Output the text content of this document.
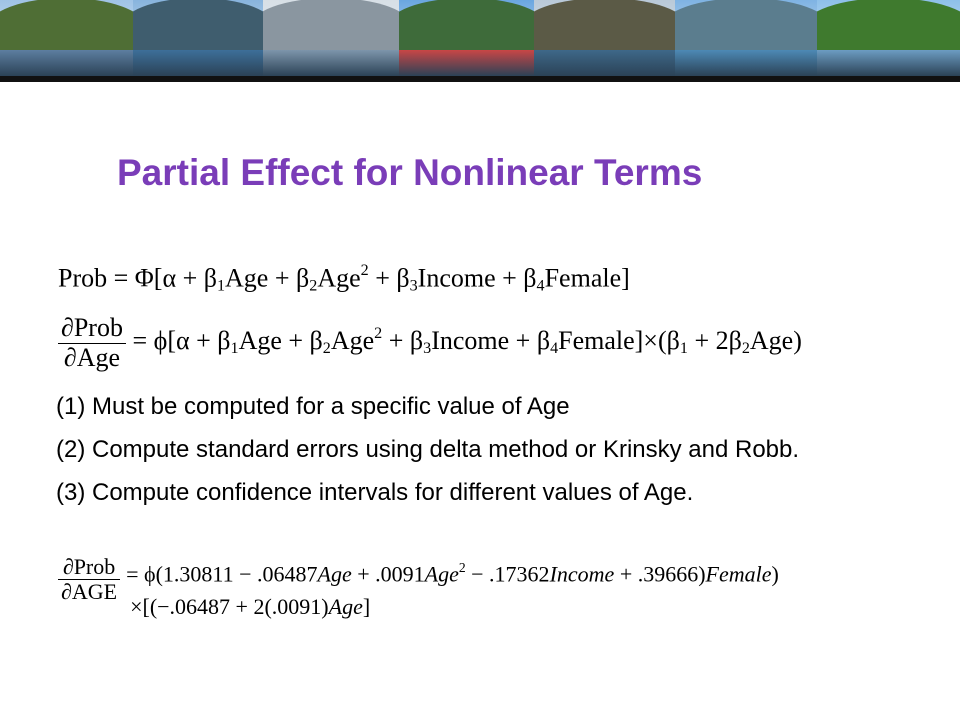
Partial Effect for Nonlinear Terms
Prob = $\Phi[\alpha + \beta_1Age + \beta_2Age^2$ + $\beta_3Income$ + $\beta_4Female$]
$\frac{\text{∂Prob}}{\text{∂Age}} = \phi[\alpha + \beta_1Age + \beta_2Age^2$ + $\beta_3Income$ + $\beta_4Female]\times(\beta_1 + 2\beta_2Age)$
(1) Must be computed for a specific value of Age
(2) Compute standard errors using delta method or Krinsky and Robb.
(3) Compute confidence intervals for different values of Age.
$\frac{\text{∂Prob}}{\text{∂AGE}} = \phi(1.30811 - .06487Age + .0091Age^2$ − .17362Income + .39666)Female)
×[(−.06487 + 2(.0091)Age]
